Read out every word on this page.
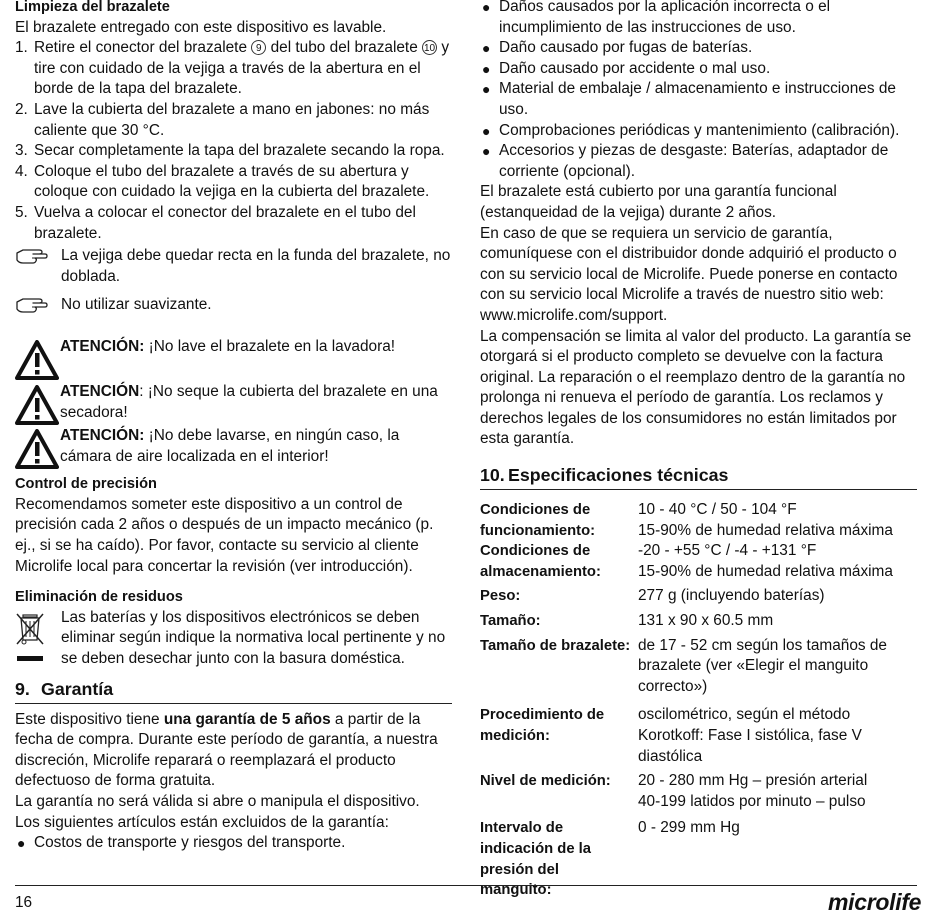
Limpieza del brazalete

El brazalete entregado con este dispositivo es lavable.

1. Retire el conector del brazalete 9 del tubo del brazalete 10 y tire con cuidado de la vejiga a través de la abertura en el borde de la tapa del brazalete.
2. Lave la cubierta del brazalete a mano en jabones: no más caliente que 30 °C.
3. Secar completamente la tapa del brazalete secando la ropa.
4. Coloque el tubo del brazalete a través de su abertura y coloque con cuidado la vejiga en la cubierta del brazalete.
5. Vuelva a colocar el conector del brazalete en el tubo del brazalete.
La vejiga debe quedar recta en la funda del brazalete, no doblada.
No utilizar suavizante.
ATENCIÓN: ¡No lave el brazalete en la lavadora!
ATENCIÓN: ¡No seque la cubierta del brazalete en una secadora!
ATENCIÓN: ¡No debe lavarse, en ningún caso, la cámara de aire localizada en el interior!

Control de precisión

Recomendamos someter este dispositivo a un control de precisión cada 2 años o después de un impacto mecánico (p. ej., si se ha caído). Por favor, contacte su servicio al cliente Microlife local para concertar la revisión (ver introducción).

Eliminación de residuos

Las baterías y los dispositivos electrónicos se deben eliminar según indique la normativa local pertinente y no se deben desechar junto con la basura doméstica.
9. Garantía

Este dispositivo tiene una garantía de 5 años a partir de la fecha de compra. Durante este período de garantía, a nuestra discreción, Microlife reparará o reemplazará el producto defectuoso de forma gratuita.

La garantía no será válida si abre o manipula el dispositivo.

Los siguientes artículos están excluidos de la garantía:

● Costos de transporte y riesgos del transporte.
● Daños causados por la aplicación incorrecta o el incumplimiento de las instrucciones de uso.
● Daño causado por fugas de baterías.
● Daño causado por accidente o mal uso.
● Material de embalaje / almacenamiento e instrucciones de uso.
● Comprobaciones periódicas y mantenimiento (calibración).
● Accesorios y piezas de desgaste: Baterías, adaptador de corriente (opcional).

El brazalete está cubierto por una garantía funcional (estanqueidad de la vejiga) durante 2 años.

En caso de que se requiera un servicio de garantía, comuníquese con el distribuidor donde adquirió el producto o con su servicio local de Microlife. Puede ponerse en contacto con su servicio local Microlife a través de nuestro sitio web: www.microlife.com/support.

La compensación se limita al valor del producto. La garantía se otorgará si el producto completo se devuelve con la factura original. La reparación o el reemplazo dentro de la garantía no prolonga ni renueva el período de garantía. Los reclamos y derechos legales de los consumidores no están limitados por esta garantía.

10. Especificaciones técnicas
Condiciones de funcionamiento:
10 - 40 °C / 50 - 104 °F
15-90% de humedad relativa máxima
Condiciones de almacenamiento:
-20 - +55 °C / -4 - +131 °F
15-90% de humedad relativa máxima
Peso:	277 g (incluyendo baterías)
Tamaño:	131 x 90 x 60.5 mm
Tamaño de brazalete: de 17 - 52 cm según los tamaños de brazalete (ver «Elegir el manguito correcto»)
Procedimiento de medición:
oscilométrico, según el método Korotkoff: Fase I sistólica, fase V diastólica
Nivel de medición:	20 - 280 mm Hg – presión arterial
40-199 latidos por minuto – pulso
Intervalo de indicación de la presión del manguito:
0 - 299 mm Hg
16	microlife
